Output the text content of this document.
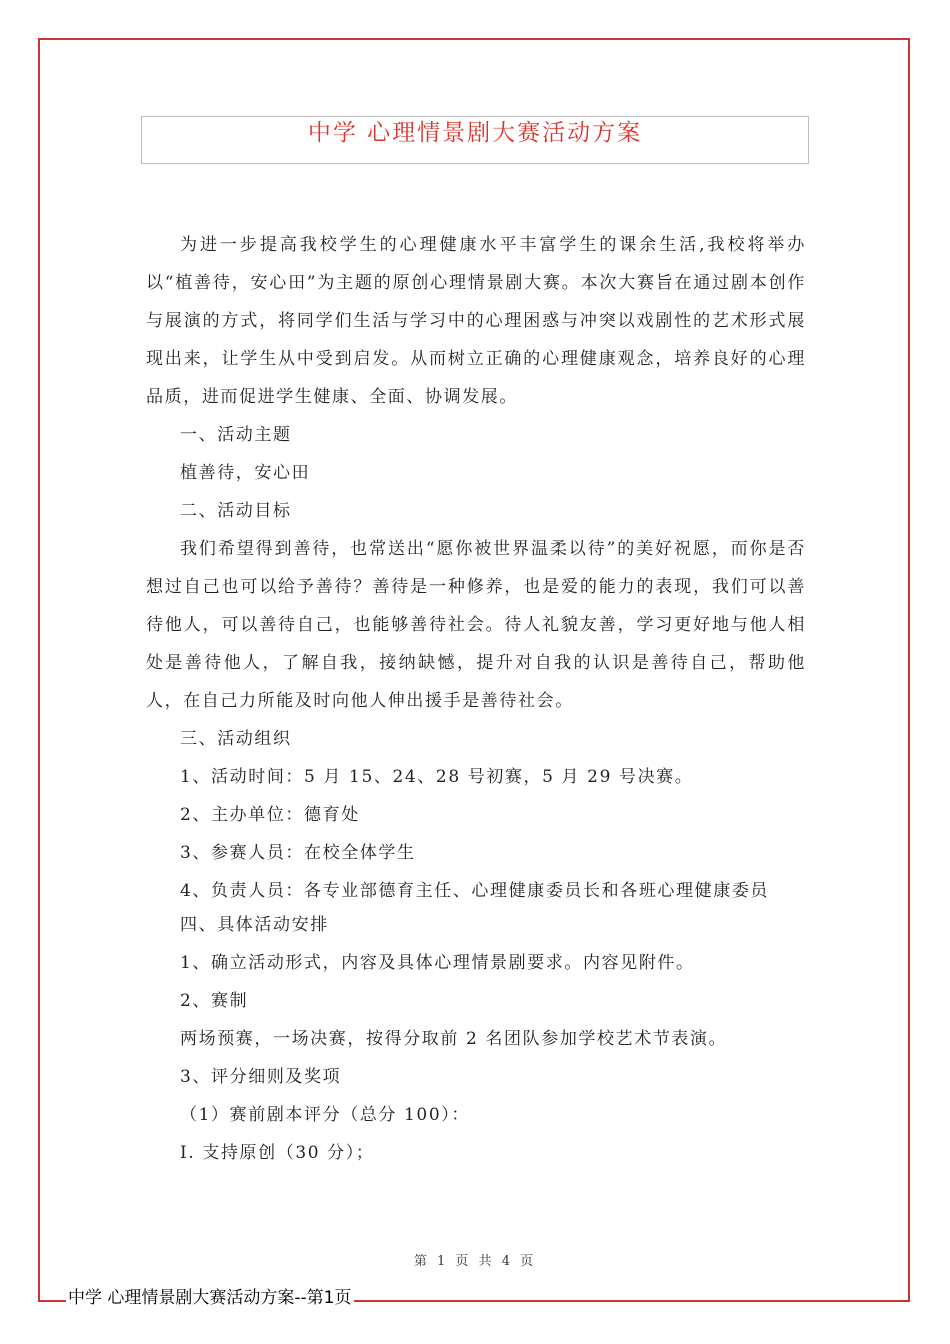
中学 心理情景剧大赛活动方案

为进一步提高我校学生的心理健康水平丰富学生的课余生活,我校将举办以“植善待，安心田”为主题的原创心理情景剧大赛。本次大赛旨在通过剧本创作与展演的方式，将同学们生活与学习中的心理困惑与冲突以戏剧性的艺术形式展现出来，让学生从中受到启发。从而树立正确的心理健康观念，培养良好的心理品质，进而促进学生健康、全面、协调发展。

一、活动主题

植善待，安心田

二、活动目标

我们希望得到善待，也常送出“愿你被世界温柔以待”的美好祝愿，而你是否想过自己也可以给予善待？善待是一种修养，也是爱的能力的表现，我们可以善待他人，可以善待自己，也能够善待社会。待人礼貌友善，学习更好地与他人相处是善待他人，了解自我，接纳缺憾，提升对自我的认识是善待自己，帮助他人，在自己力所能及时向他人伸出援手是善待社会。

三、活动组织

1、活动时间：5 月 15、24、28 号初赛，5 月 29 号决赛。

2、主办单位：德育处

3、参赛人员：在校全体学生

4、负责人员：各专业部德育主任、心理健康委员长和各班心理健康委员

四、具体活动安排

1、确立活动形式，内容及具体心理情景剧要求。内容见附件。

2、赛制

两场预赛，一场决赛，按得分取前 2 名团队参加学校艺术节表演。

3、评分细则及奖项

（1）赛前剧本评分（总分 100）：

I. 支持原创（30 分）；

第 1 页 共 4 页
中学 心理情景剧大赛活动方案--第1页
